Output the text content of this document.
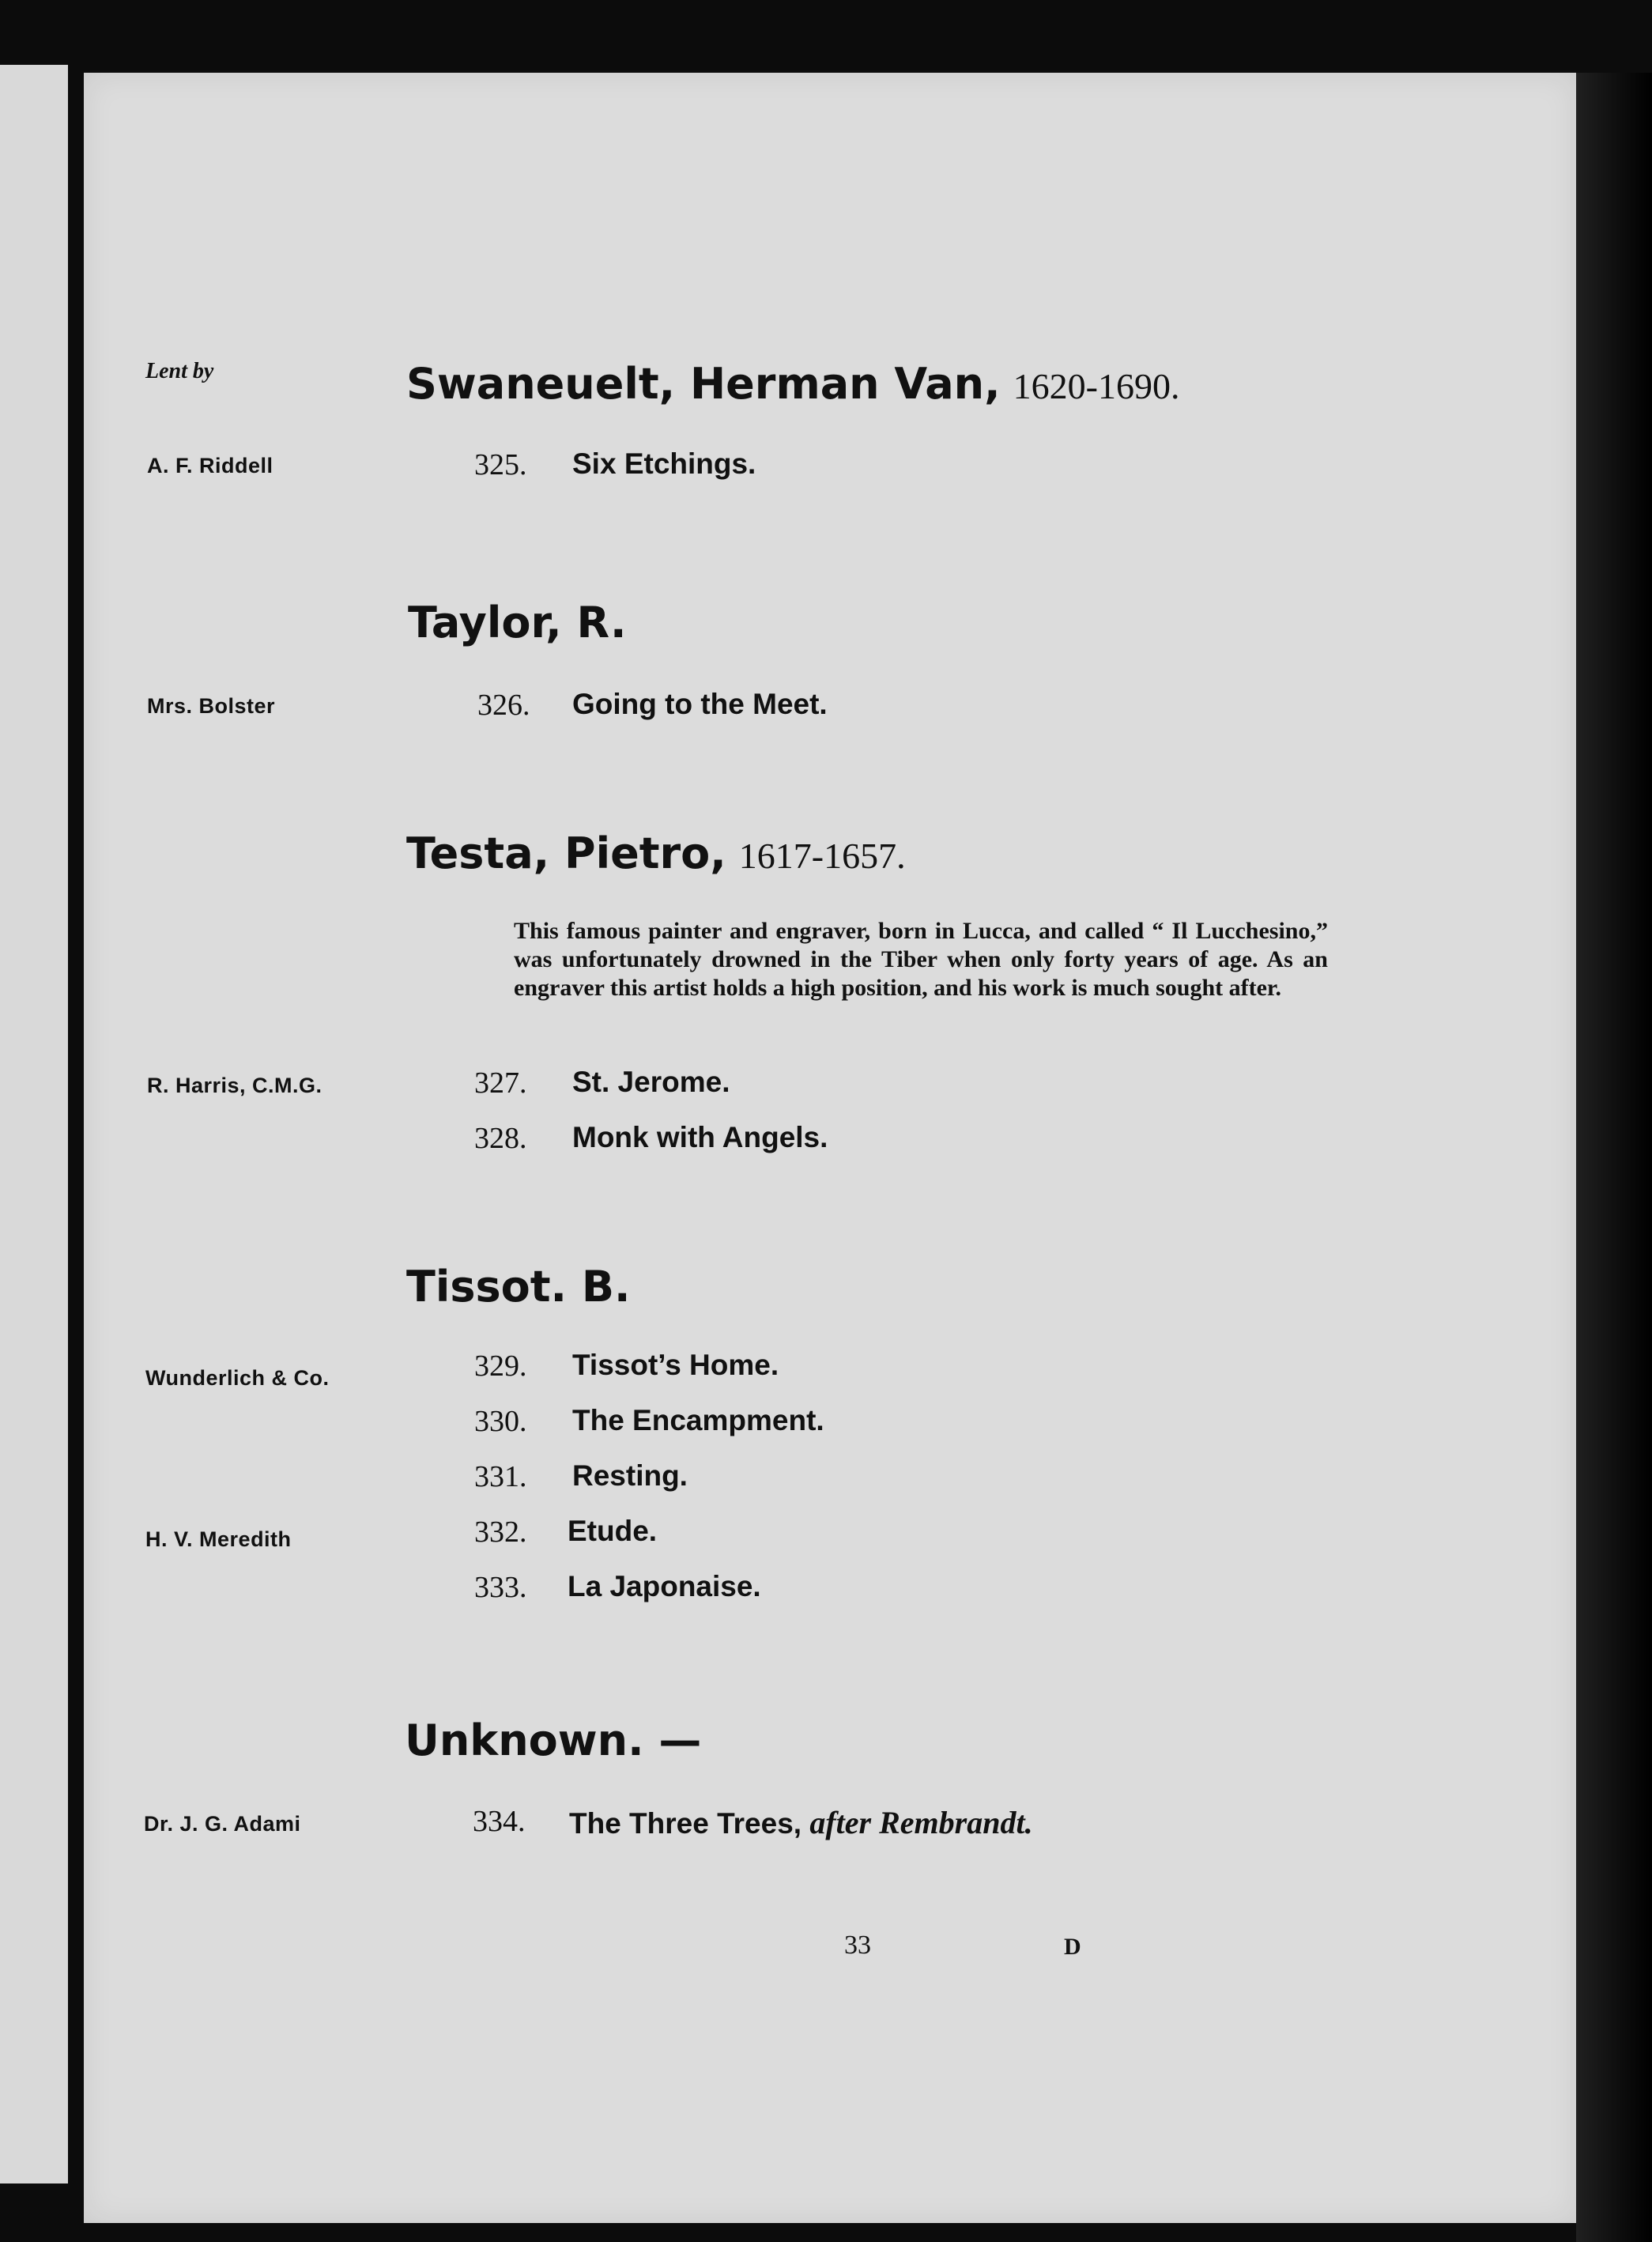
Lent by	Swaneuelt, Herman Van, 1620-1690.
A. F. Riddell	325. Six Etchings.
Taylor, R.
Mrs. Bolster	326. Going to the Meet.
Testa, Pietro, 1617-1657.
This famous painter and engraver, born in Lucca, and called “ Il Lucchesino,” was unfortunately drowned in the Tiber when only forty years of age. As an engraver this artist holds a high position, and his work is much sought after.
R. Harris, C.M.G.	327. St. Jerome.
328. Monk with Angels.
Tissot. B.
Wunderlich & Co.	329. Tissot’s Home.
330. The Encampment.
331. Resting.
H. V. Meredith	332. Etude.
333. La Japonaise.
Unknown. —
Dr. J. G. Adami	334. The Three Trees, after Rembrandt.
33	D
